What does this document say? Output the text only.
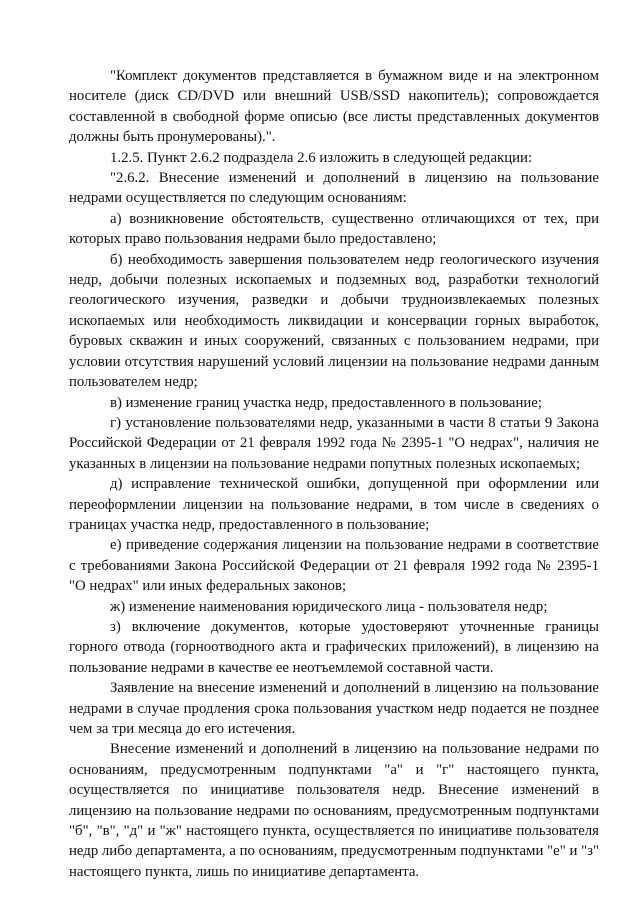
"Комплект документов представляется в бумажном виде и на электронном носителе (диск CD/DVD или внешний USB/SSD накопитель); сопровождается составленной в свободной форме описью (все листы представленных документов должны быть пронумерованы).".

1.2.5. Пункт 2.6.2 подраздела 2.6 изложить в следующей редакции:

"2.6.2. Внесение изменений и дополнений в лицензию на пользование недрами осуществляется по следующим основаниям:

а) возникновение обстоятельств, существенно отличающихся от тех, при которых право пользования недрами было предоставлено;

б) необходимость завершения пользователем недр геологического изучения недр, добычи полезных ископаемых и подземных вод, разработки технологий геологического изучения, разведки и добычи трудноизвлекаемых полезных ископаемых или необходимость ликвидации и консервации горных выработок, буровых скважин и иных сооружений, связанных с пользованием недрами, при условии отсутствия нарушений условий лицензии на пользование недрами данным пользователем недр;

в) изменение границ участка недр, предоставленного в пользование;

г) установление пользователями недр, указанными в части 8 статьи 9 Закона Российской Федерации от 21 февраля 1992 года № 2395-1 "О недрах", наличия не указанных в лицензии на пользование недрами попутных полезных ископаемых;

д) исправление технической ошибки, допущенной при оформлении или переоформлении лицензии на пользование недрами, в том числе в сведениях о границах участка недр, предоставленного в пользование;

е) приведение содержания лицензии на пользование недрами в соответствие с требованиями Закона Российской Федерации от 21 февраля 1992 года № 2395-1 "О недрах" или иных федеральных законов;

ж) изменение наименования юридического лица - пользователя недр;

з) включение документов, которые удостоверяют уточненные границы горного отвода (горноотводного акта и графических приложений), в лицензию на пользование недрами в качестве ее неотъемлемой составной части.

Заявление на внесение изменений и дополнений в лицензию на пользование недрами в случае продления срока пользования участком недр подается не позднее чем за три месяца до его истечения.

Внесение изменений и дополнений в лицензию на пользование недрами по основаниям, предусмотренным подпунктами "а" и "г" настоящего пункта, осуществляется по инициативе пользователя недр. Внесение изменений в лицензию на пользование недрами по основаниям, предусмотренным подпунктами "б", "в", "д" и "ж" настоящего пункта, осуществляется по инициативе пользователя недр либо департамента, а по основаниям, предусмотренным подпунктами "е" и "з" настоящего пункта, лишь по инициативе департамента.
